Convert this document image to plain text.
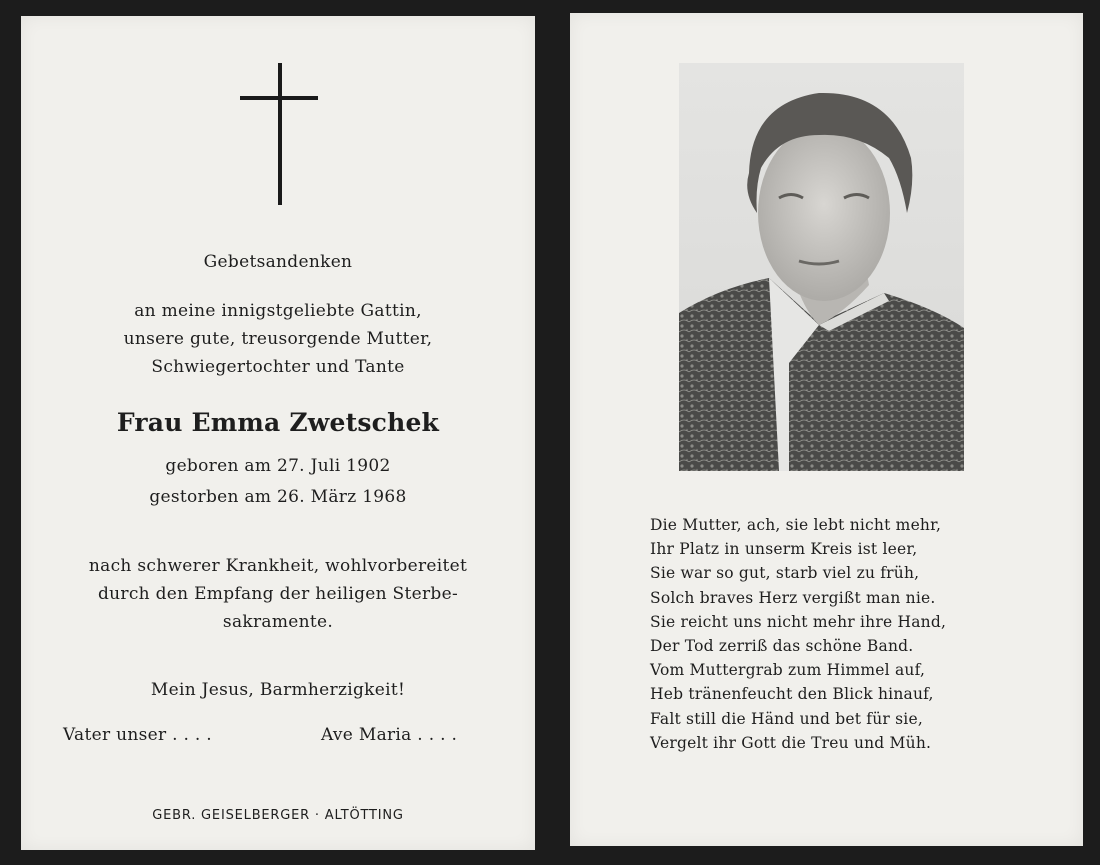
Gebetsandenken
an meine innigstgeliebte Gattin,
unsere gute, treusorgende Mutter,
Schwiegertochter und Tante
Frau Emma Zwetschek
geboren am 27. Juli 1902
gestorben am 26. März 1968
nach schwerer Krankheit, wohlvorbereitet
durch den Empfang der heiligen Sterbe-
sakramente.
Mein Jesus, Barmherzigkeit!
Vater unser . . . .	Ave Maria . . . .
GEBR. GEISELBERGER · ALTÖTTING
Die Mutter, ach, sie lebt nicht mehr,
Ihr Platz in unserm Kreis ist leer,
Sie war so gut, starb viel zu früh,
Solch braves Herz vergißt man nie.
Sie reicht uns nicht mehr ihre Hand,
Der Tod zerriß das schöne Band.
Vom Muttergrab zum Himmel auf,
Heb tränenfeucht den Blick hinauf,
Falt still die Händ und bet für sie,
Vergelt ihr Gott die Treu und Müh.
